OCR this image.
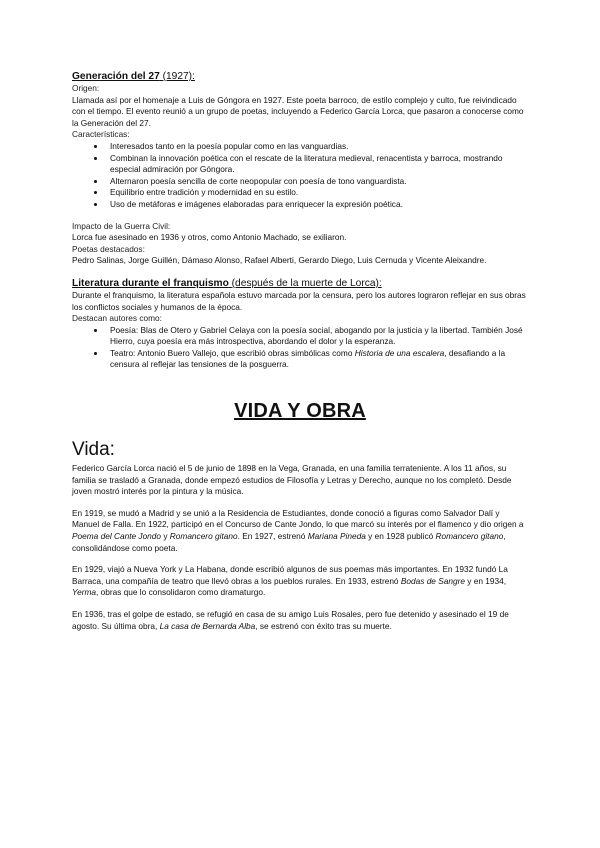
Generación del 27 (1927):

Origen:

Llamada así por el homenaje a Luis de Góngora en 1927. Este poeta barroco, de estilo complejo y culto, fue reivindicado con el tiempo. El evento reunió a un grupo de poetas, incluyendo a Federico García Lorca, que pasaron a conocerse como la Generación del 27.

Características:

• Interesados tanto en la poesía popular como en las vanguardias.
• Combinan la innovación poética con el rescate de la literatura medieval, renacentista y barroca, mostrando especial admiración por Góngora.
• Alternaron poesía sencilla de corte neopopular con poesía de tono vanguardista.
• Equilibrio entre tradición y modernidad en su estilo.
• Uso de metáforas e imágenes elaboradas para enriquecer la expresión poética.

Impacto de la Guerra Civil:

Lorca fue asesinado en 1936 y otros, como Antonio Machado, se exiliaron.

Poetas destacados:

Pedro Salinas, Jorge Guillén, Dámaso Alonso, Rafael Alberti, Gerardo Diego, Luis Cernuda y Vicente Aleixandre.

Literatura durante el franquismo (después de la muerte de Lorca):

Durante el franquismo, la literatura española estuvo marcada por la censura, pero los autores lograron reflejar en sus obras los conflictos sociales y humanos de la época.

Destacan autores como:

• Poesía: Blas de Otero y Gabriel Celaya con la poesía social, abogando por la justicia y la libertad. También José Hierro, cuya poesía era más introspectiva, abordando el dolor y la esperanza.
• Teatro: Antonio Buero Vallejo, que escribió obras simbólicas como Historia de una escalera, desafiando a la censura al reflejar las tensiones de la posguerra.
VIDA Y OBRA
Vida:

Federico García Lorca nació el 5 de junio de 1898 en la Vega, Granada, en una familia terrateniente. A los 11 años, su familia se trasladó a Granada, donde empezó estudios de Filosofía y Letras y Derecho, aunque no los completó. Desde joven mostró interés por la pintura y la música.

En 1919, se mudó a Madrid y se unió a la Residencia de Estudiantes, donde conoció a figuras como Salvador Dalí y Manuel de Falla. En 1922, participó en el Concurso de Cante Jondo, lo que marcó su interés por el flamenco y dio origen a Poema del Cante Jondo y Romancero gitano. En 1927, estrenó Mariana Pineda y en 1928 publicó Romancero gitano, consolidándose como poeta.

En 1929, viajó a Nueva York y La Habana, donde escribió algunos de sus poemas más importantes. En 1932 fundó La Barraca, una compañía de teatro que llevó obras a los pueblos rurales. En 1933, estrenó Bodas de Sangre y en 1934, Yerma, obras que lo consolidaron como dramaturgo.

En 1936, tras el golpe de estado, se refugió en casa de su amigo Luis Rosales, pero fue detenido y asesinado el 19 de agosto. Su última obra, La casa de Bernarda Alba, se estrenó con éxito tras su muerte.
